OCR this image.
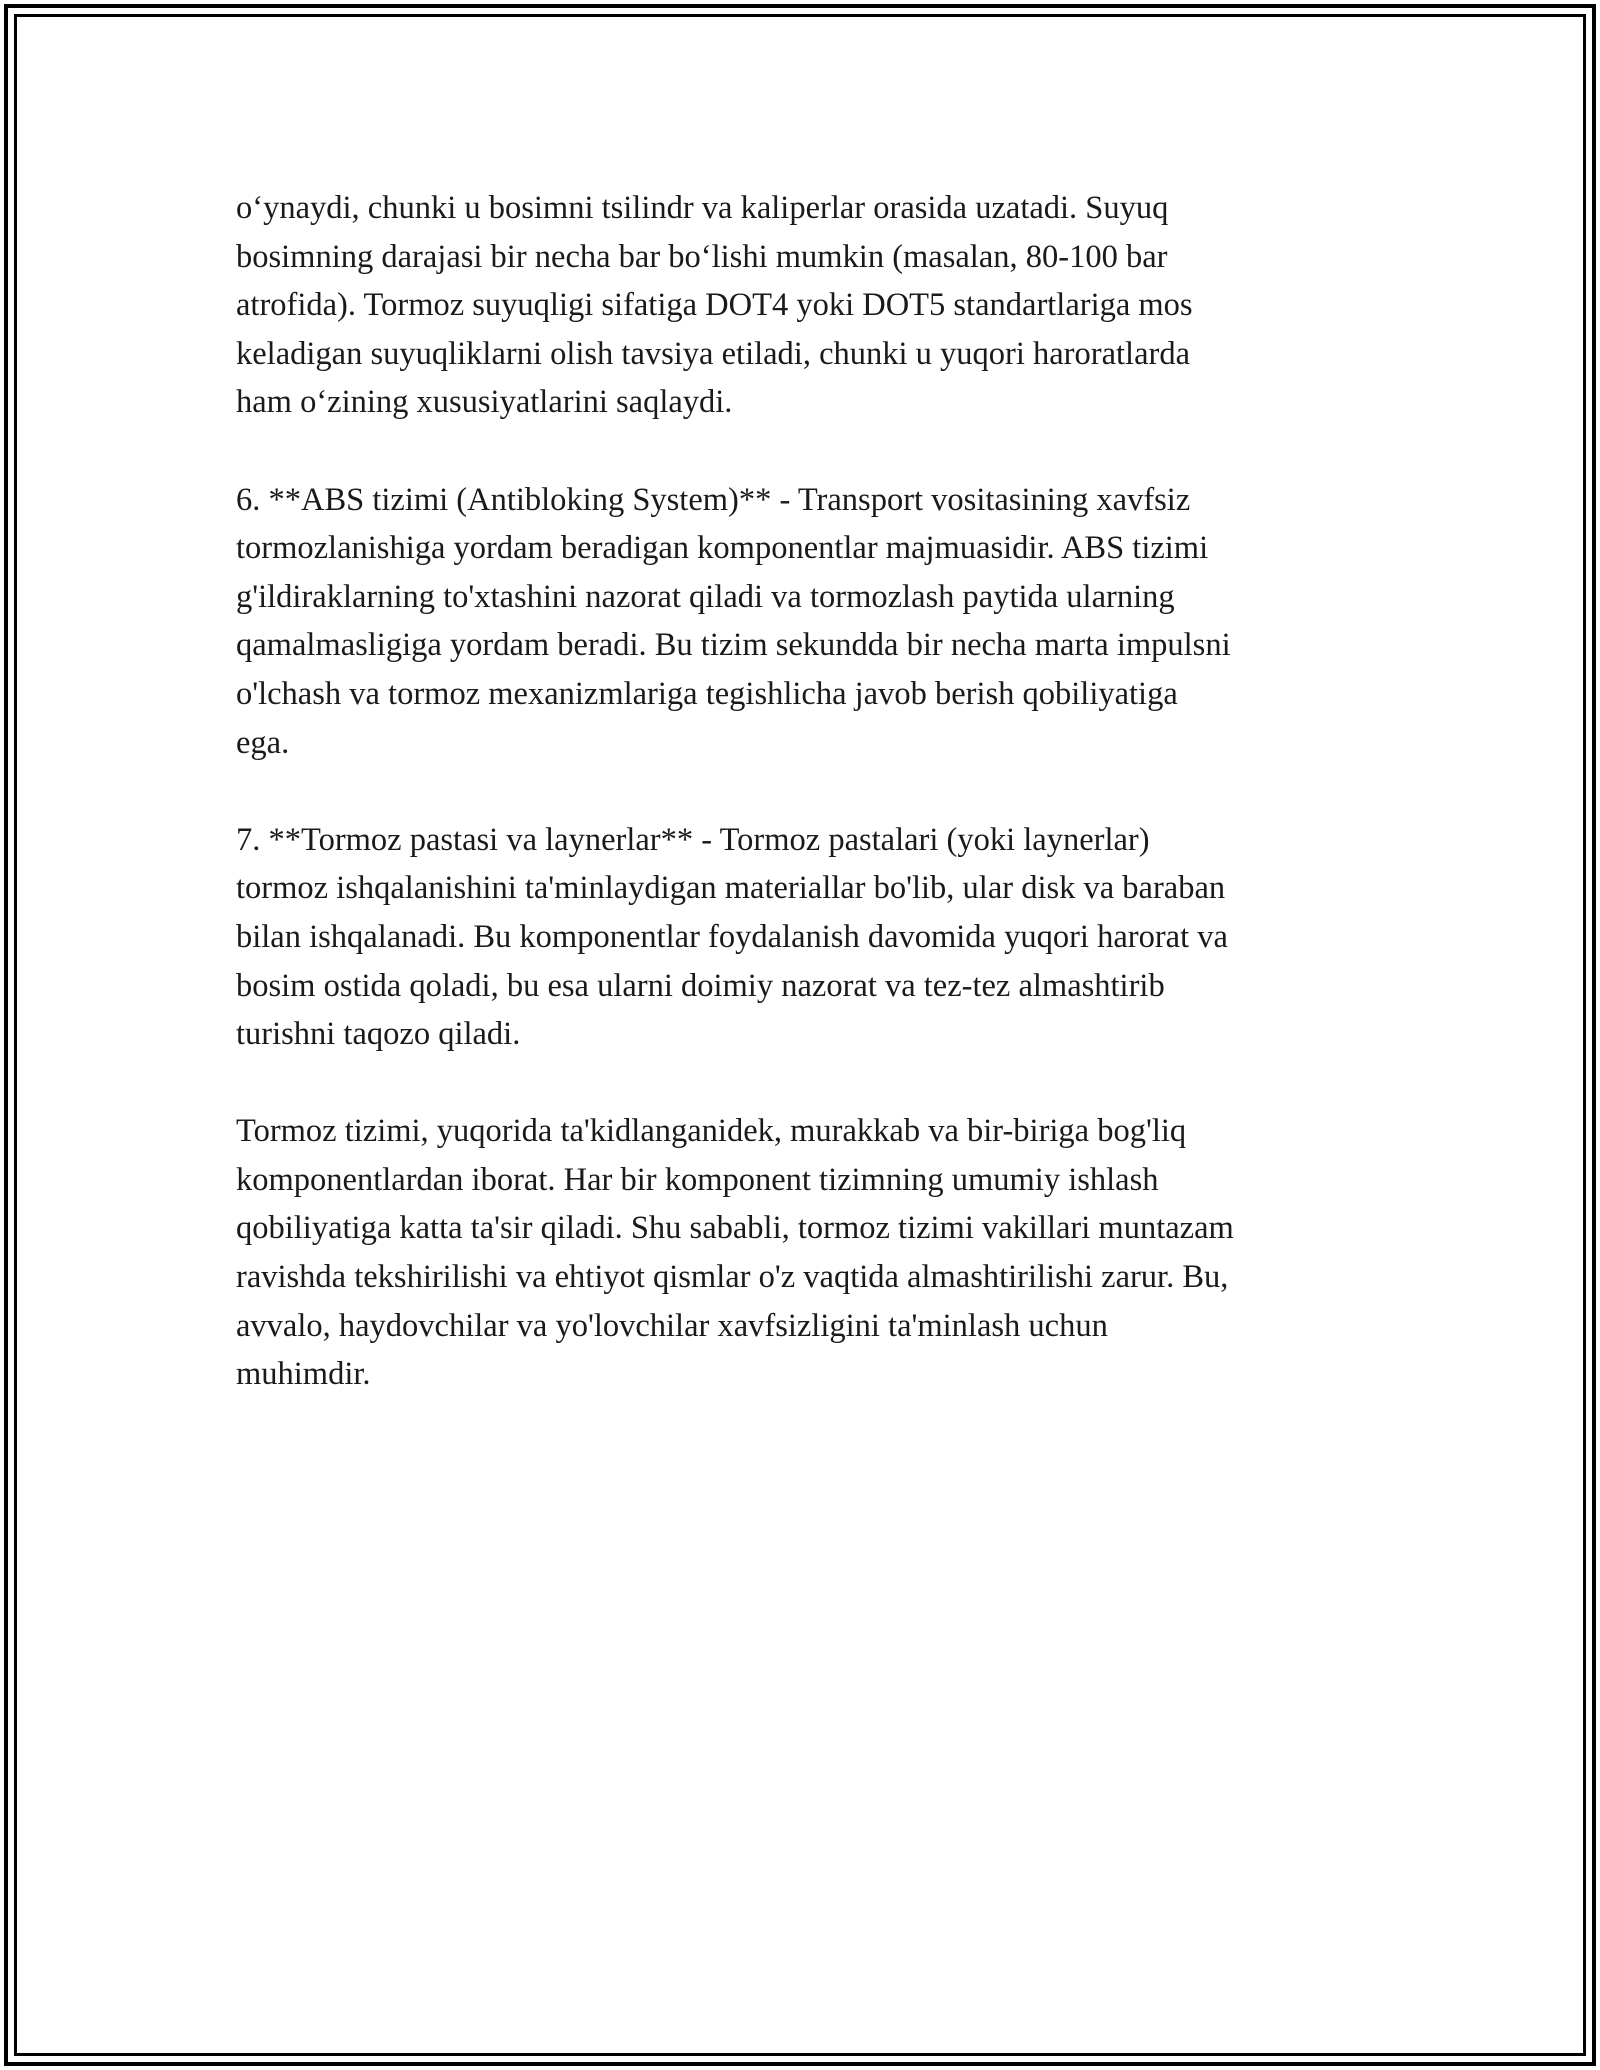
o‘ynaydi, chunki u bosimni tsilindr va kaliperlar orasida uzatadi. Suyuq
bosimning darajasi bir necha bar bo‘lishi mumkin (masalan, 80-100 bar
atrofida). Tormoz suyuqligi sifatiga DOT4 yoki DOT5 standartlariga mos
keladigan suyuqliklarni olish tavsiya etiladi, chunki u yuqori haroratlarda
ham o‘zining xususiyatlarini saqlaydi.

6. **ABS tizimi (Antibloking System)** - Transport vositasining xavfsiz
tormozlanishiga yordam beradigan komponentlar majmuasidir. ABS tizimi
g'ildiraklarning to'xtashini nazorat qiladi va tormozlash paytida ularning
qamalmasligiga yordam beradi. Bu tizim sekundda bir necha marta impulsni
o'lchash va tormoz mexanizmlariga tegishlicha javob berish qobiliyatiga
ega.

7. **Tormoz pastasi va laynerlar** - Tormoz pastalari (yoki laynerlar)
tormoz ishqalanishini ta'minlaydigan materiallar bo'lib, ular disk va baraban
bilan ishqalanadi. Bu komponentlar foydalanish davomida yuqori harorat va
bosim ostida qoladi, bu esa ularni doimiy nazorat va tez-tez almashtirib
turishni taqozo qiladi.

Tormoz tizimi, yuqorida ta'kidlanganidek, murakkab va bir-biriga bog'liq
komponentlardan iborat. Har bir komponent tizimning umumiy ishlash
qobiliyatiga katta ta'sir qiladi. Shu sababli, tormoz tizimi vakillari muntazam
ravishda tekshirilishi va ehtiyot qismlar o'z vaqtida almashtirilishi zarur. Bu,
avvalo, haydovchilar va yo'lovchilar xavfsizligini ta'minlash uchun
muhimdir.
